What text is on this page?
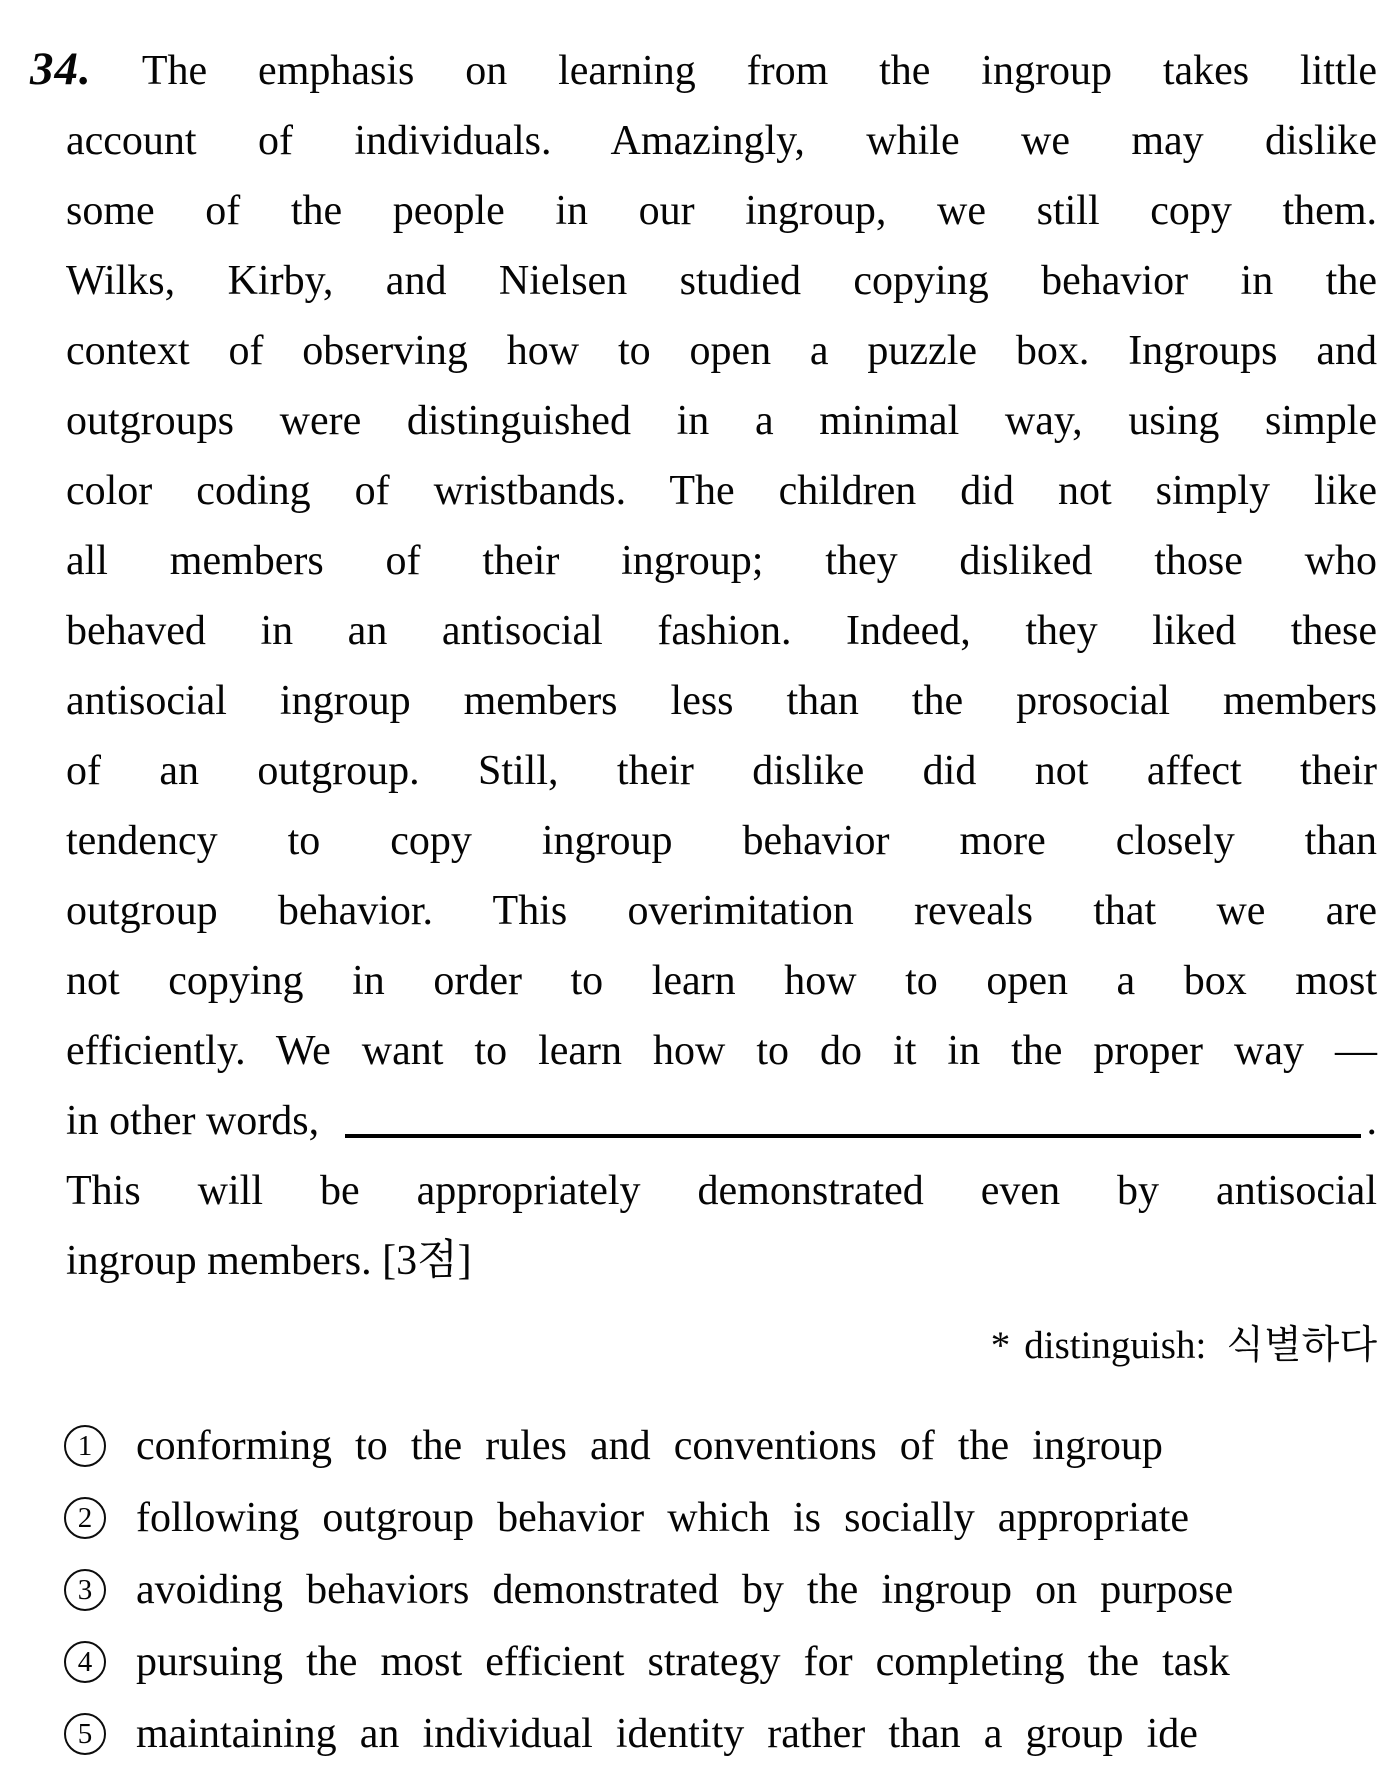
34. The emphasis on learning from the ingroup takes little
account of individuals. Amazingly, while we may dislike
some of the people in our ingroup, we still copy them.
Wilks, Kirby, and Nielsen studied copying behavior in the
context of observing how to open a puzzle box. Ingroups and
outgroups were distinguished in a minimal way, using simple
color coding of wristbands. The children did not simply like
all members of their ingroup; they disliked those who
behaved in an antisocial fashion. Indeed, they liked these
antisocial ingroup members less than the prosocial members
of an outgroup. Still, their dislike did not affect their
tendency to copy ingroup behavior more closely than
outgroup behavior. This overimitation reveals that we are
not copying in order to learn how to open a box most
efficiently. We want to learn how to do it in the proper way —
in other words,	.
This will be appropriately demonstrated even by antisocial
ingroup members. [3점]
* distinguish: 식별하다
1	conforming to the rules and conventions of the ingroup
2	following outgroup behavior which is socially appropriate
3	avoiding behaviors demonstrated by the ingroup on purpose
4	pursuing the most efficient strategy for completing the task
5	maintaining an individual identity rather than a group ide
